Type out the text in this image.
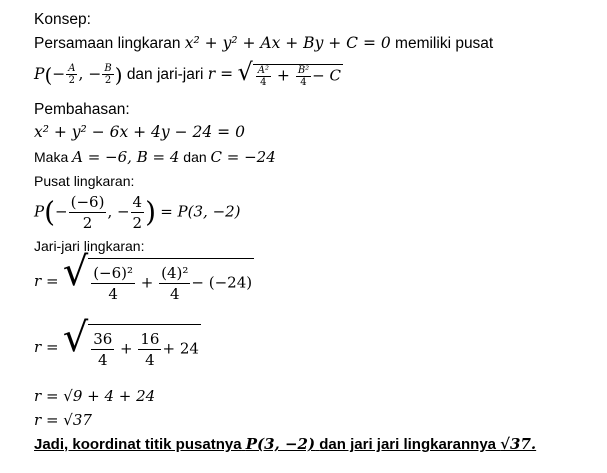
Konsep:
Persamaan lingkaran x² + y² + Ax + By + C = 0 memiliki pusat
$P(- \frac{A}{2}$ , − $\frac{B}{2}$ ) dan jari-jari r = √ $\frac{\text{A²}}{4} + \frac{\text{B²}}{4} - C$
Pembahasan:
x² + y² − 6x + 4y − 24 = 0
Maka A = −6, B = 4 dan C = −24
Pusat lingkaran:
$P(- \frac{(-6)}{2}$ , − $\frac{4}{2}$ ) = P(3, −2)
Jari-jari lingkaran:
r = √ $\frac{\text{(−6)²}}{4} + \frac{\text{(4)²}}{4} - (-24)$
r = √ $\frac{36}{4} + \frac{16}{4} + 24$
r = √9 + 4 + 24
r = √37
Jadi, koordinat titik pusatnya P(3, −2) dan jari jari lingkarannya √37.
